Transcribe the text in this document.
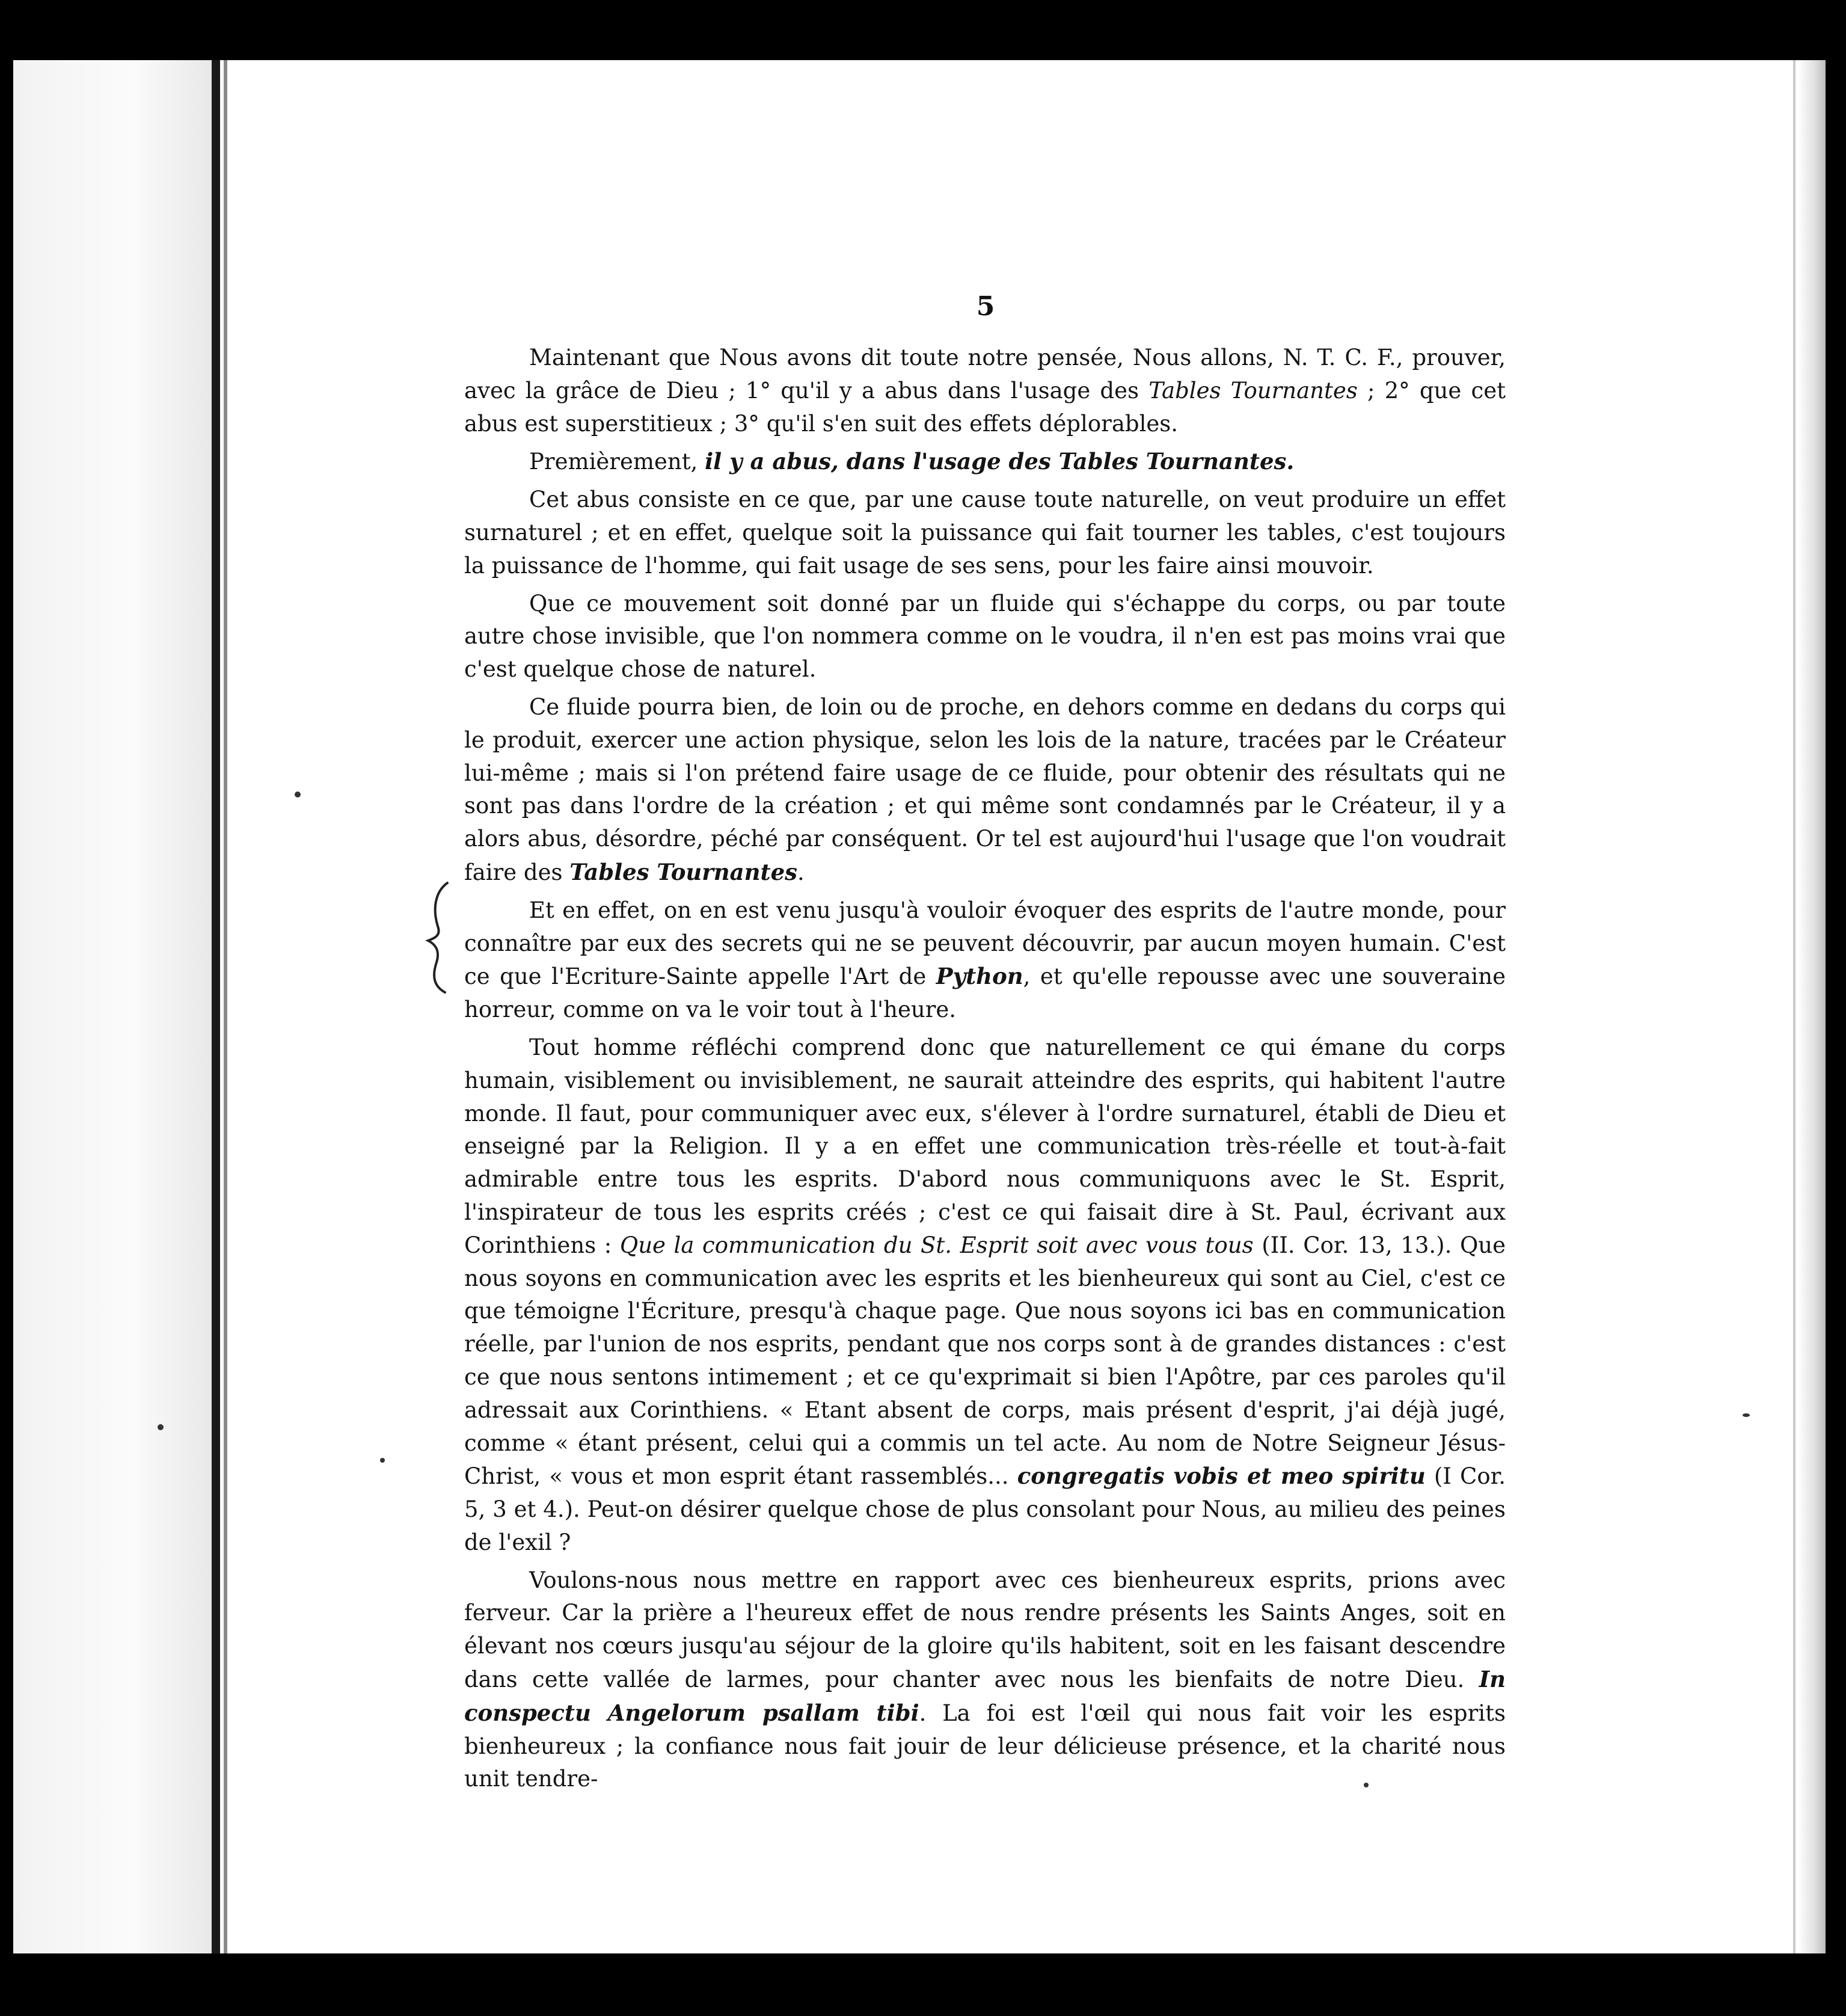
5

Maintenant que Nous avons dit toute notre pensée, Nous allons, N. T. C. F., prouver, avec la grâce de Dieu ; 1° qu'il y a abus dans l'usage des Tables Tournantes ; 2° que cet abus est superstitieux ; 3° qu'il s'en suit des effets déplorables.

Premièrement, il y a abus, dans l'usage des Tables Tournantes.

Cet abus consiste en ce que, par une cause toute naturelle, on veut produire un effet surnaturel ; et en effet, quelque soit la puissance qui fait tourner les tables, c'est toujours la puissance de l'homme, qui fait usage de ses sens, pour les faire ainsi mouvoir.

Que ce mouvement soit donné par un fluide qui s'échappe du corps, ou par toute autre chose invisible, que l'on nommera comme on le voudra, il n'en est pas moins vrai que c'est quelque chose de naturel.

Ce fluide pourra bien, de loin ou de proche, en dehors comme en dedans du corps qui le produit, exercer une action physique, selon les lois de la nature, tracées par le Créateur lui-même ; mais si l'on prétend faire usage de ce fluide, pour obtenir des résultats qui ne sont pas dans l'ordre de la création ; et qui même sont condamnés par le Créateur, il y a alors abus, désordre, péché par conséquent. Or tel est aujourd'hui l'usage que l'on voudrait faire des Tables Tournantes.

Et en effet, on en est venu jusqu'à vouloir évoquer des esprits de l'autre monde, pour connaître par eux des secrets qui ne se peuvent découvrir, par aucun moyen humain. C'est ce que l'Ecriture-Sainte appelle l'Art de Python, et qu'elle repousse avec une souveraine horreur, comme on va le voir tout à l'heure.

Tout homme réfléchi comprend donc que naturellement ce qui émane du corps humain, visiblement ou invisiblement, ne saurait atteindre des esprits, qui habitent l'autre monde. Il faut, pour communiquer avec eux, s'élever à l'ordre surnaturel, établi de Dieu et enseigné par la Religion. Il y a en effet une communication très-réelle et tout-à-fait admirable entre tous les esprits. D'abord nous communiquons avec le St. Esprit, l'inspirateur de tous les esprits créés ; c'est ce qui faisait dire à St. Paul, écrivant aux Corinthiens : Que la communication du St. Esprit soit avec vous tous (II. Cor. 13, 13.). Que nous soyons en communication avec les esprits et les bienheureux qui sont au Ciel, c'est ce que témoigne l'Écriture, presqu'à chaque page. Que nous soyons ici bas en communication réelle, par l'union de nos esprits, pendant que nos corps sont à de grandes distances : c'est ce que nous sentons intimement ; et ce qu'exprimait si bien l'Apôtre, par ces paroles qu'il adressait aux Corinthiens. « Etant absent de corps, mais présent d'esprit, j'ai déjà jugé, comme « étant présent, celui qui a commis un tel acte. Au nom de Notre Seigneur Jésus-Christ, « vous et mon esprit étant rassemblés... congregatis vobis et meo spiritu (I Cor. 5, 3 et 4.). Peut-on désirer quelque chose de plus consolant pour Nous, au milieu des peines de l'exil ?

Voulons-nous nous mettre en rapport avec ces bienheureux esprits, prions avec ferveur. Car la prière a l'heureux effet de nous rendre présents les Saints Anges, soit en élevant nos cœurs jusqu'au séjour de la gloire qu'ils habitent, soit en les faisant descendre dans cette vallée de larmes, pour chanter avec nous les bienfaits de notre Dieu. In conspectu Angelorum psallam tibi. La foi est l'œil qui nous fait voir les esprits bienheureux ; la confiance nous fait jouir de leur délicieuse présence, et la charité nous unit tendre-
